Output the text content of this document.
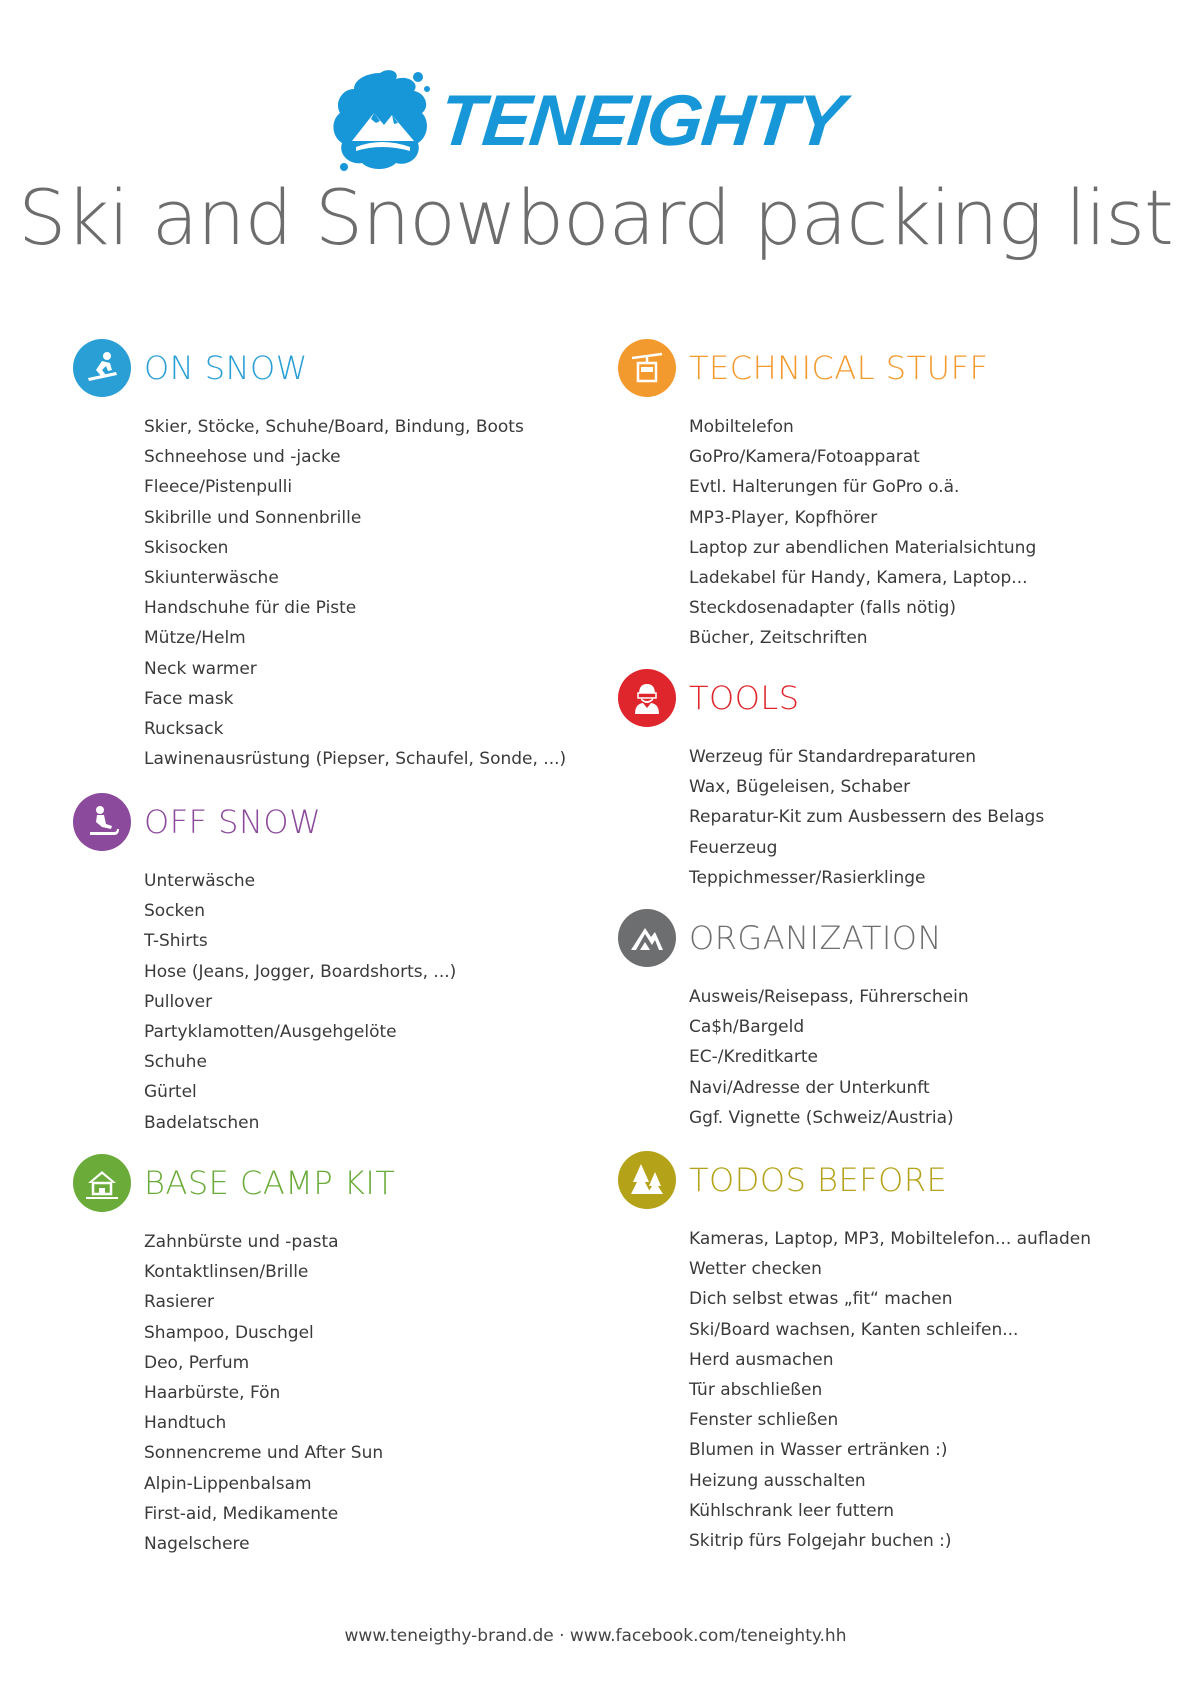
TENEIGHTY
Ski and Snowboard packing list
ON SNOW
Skier, Stöcke, Schuhe/Board, Bindung, Boots
Schneehose und -jacke
Fleece/Pistenpulli
Skibrille und Sonnenbrille
Skisocken
Skiunterwäsche
Handschuhe für die Piste
Mütze/Helm
Neck warmer
Face mask
Rucksack
Lawinenausrüstung (Piepser, Schaufel, Sonde, ...)
OFF SNOW
Unterwäsche
Socken
T-Shirts
Hose (Jeans, Jogger, Boardshorts, ...)
Pullover
Partyklamotten/Ausgehgelöte
Schuhe
Gürtel
Badelatschen
BASE CAMP KIT
Zahnbürste und -pasta
Kontaktlinsen/Brille
Rasierer
Shampoo, Duschgel
Deo, Perfum
Haarbürste, Fön
Handtuch
Sonnencreme und After Sun
Alpin-Lippenbalsam
First-aid, Medikamente
Nagelschere
TECHNICAL STUFF
Mobiltelefon
GoPro/Kamera/Fotoapparat
Evtl. Halterungen für GoPro o.ä.
MP3-Player, Kopfhörer
Laptop zur abendlichen Materialsichtung
Ladekabel für Handy, Kamera, Laptop...
Steckdosenadapter (falls nötig)
Bücher, Zeitschriften
TOOLS
Werzeug für Standardreparaturen
Wax, Bügeleisen, Schaber
Reparatur-Kit zum Ausbessern des Belags
Feuerzeug
Teppichmesser/Rasierklinge
ORGANIZATION
Ausweis/Reisepass, Führerschein
Ca$h/Bargeld
EC-/Kreditkarte
Navi/Adresse der Unterkunft
Ggf. Vignette (Schweiz/Austria)
TODOS BEFORE
Kameras, Laptop, MP3, Mobiltelefon... aufladen
Wetter checken
Dich selbst etwas „fit“ machen
Ski/Board wachsen, Kanten schleifen...
Herd ausmachen
Tür abschließen
Fenster schließen
Blumen in Wasser ertränken :)
Heizung ausschalten
Kühlschrank leer futtern
Skitrip fürs Folgejahr buchen :)
www.teneigthy-brand.de · www.facebook.com/teneighty.hh
